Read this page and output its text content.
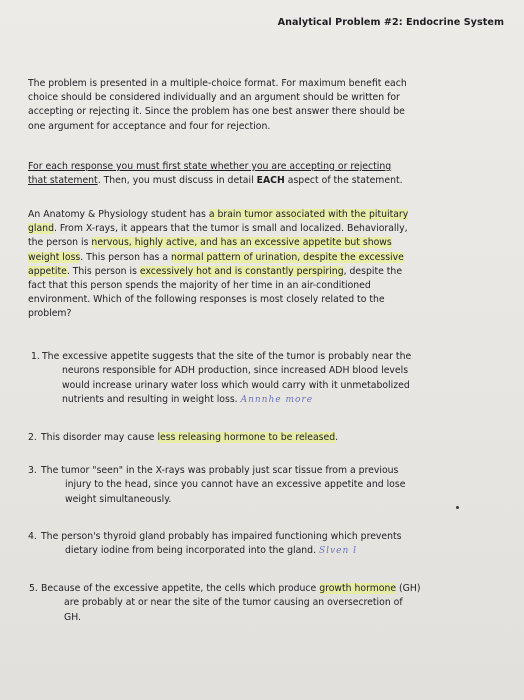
Analytical Problem #2: Endocrine System
The problem is presented in a multiple-choice format. For maximum benefit each
choice should be considered individually and an argument should be written for
accepting or rejecting it. Since the problem has one best answer there should be
one argument for acceptance and four for rejection.
For each response you must first state whether you are accepting or rejecting
that statement. Then, you must discuss in detail EACH aspect of the statement.
An Anatomy & Physiology student has a brain tumor associated with the pituitary
gland. From X-rays, it appears that the tumor is small and localized. Behaviorally,
the person is nervous, highly active, and has an excessive appetite but shows
weight loss. This person has a normal pattern of urination, despite the excessive
appetite. This person is excessively hot and is constantly perspiring, despite the
fact that this person spends the majority of her time in an air-conditioned
environment. Which of the following responses is most closely related to the
problem?
1. The excessive appetite suggests that the site of the tumor is probably near the
neurons responsible for ADH production, since increased ADH blood levels
would increase urinary water loss which would carry with it unmetabolized
nutrients and resulting in weight loss. Annnhe more
2. This disorder may cause less releasing hormone to be released.
3. The tumor "seen" in the X-rays was probably just scar tissue from a previous
injury to the head, since you cannot have an excessive appetite and lose
weight simultaneously.
4. The person's thyroid gland probably has impaired functioning which prevents
dietary iodine from being incorporated into the gland. Slven l
5. Because of the excessive appetite, the cells which produce growth hormone (GH)
are probably at or near the site of the tumor causing an oversecretion of
GH.
